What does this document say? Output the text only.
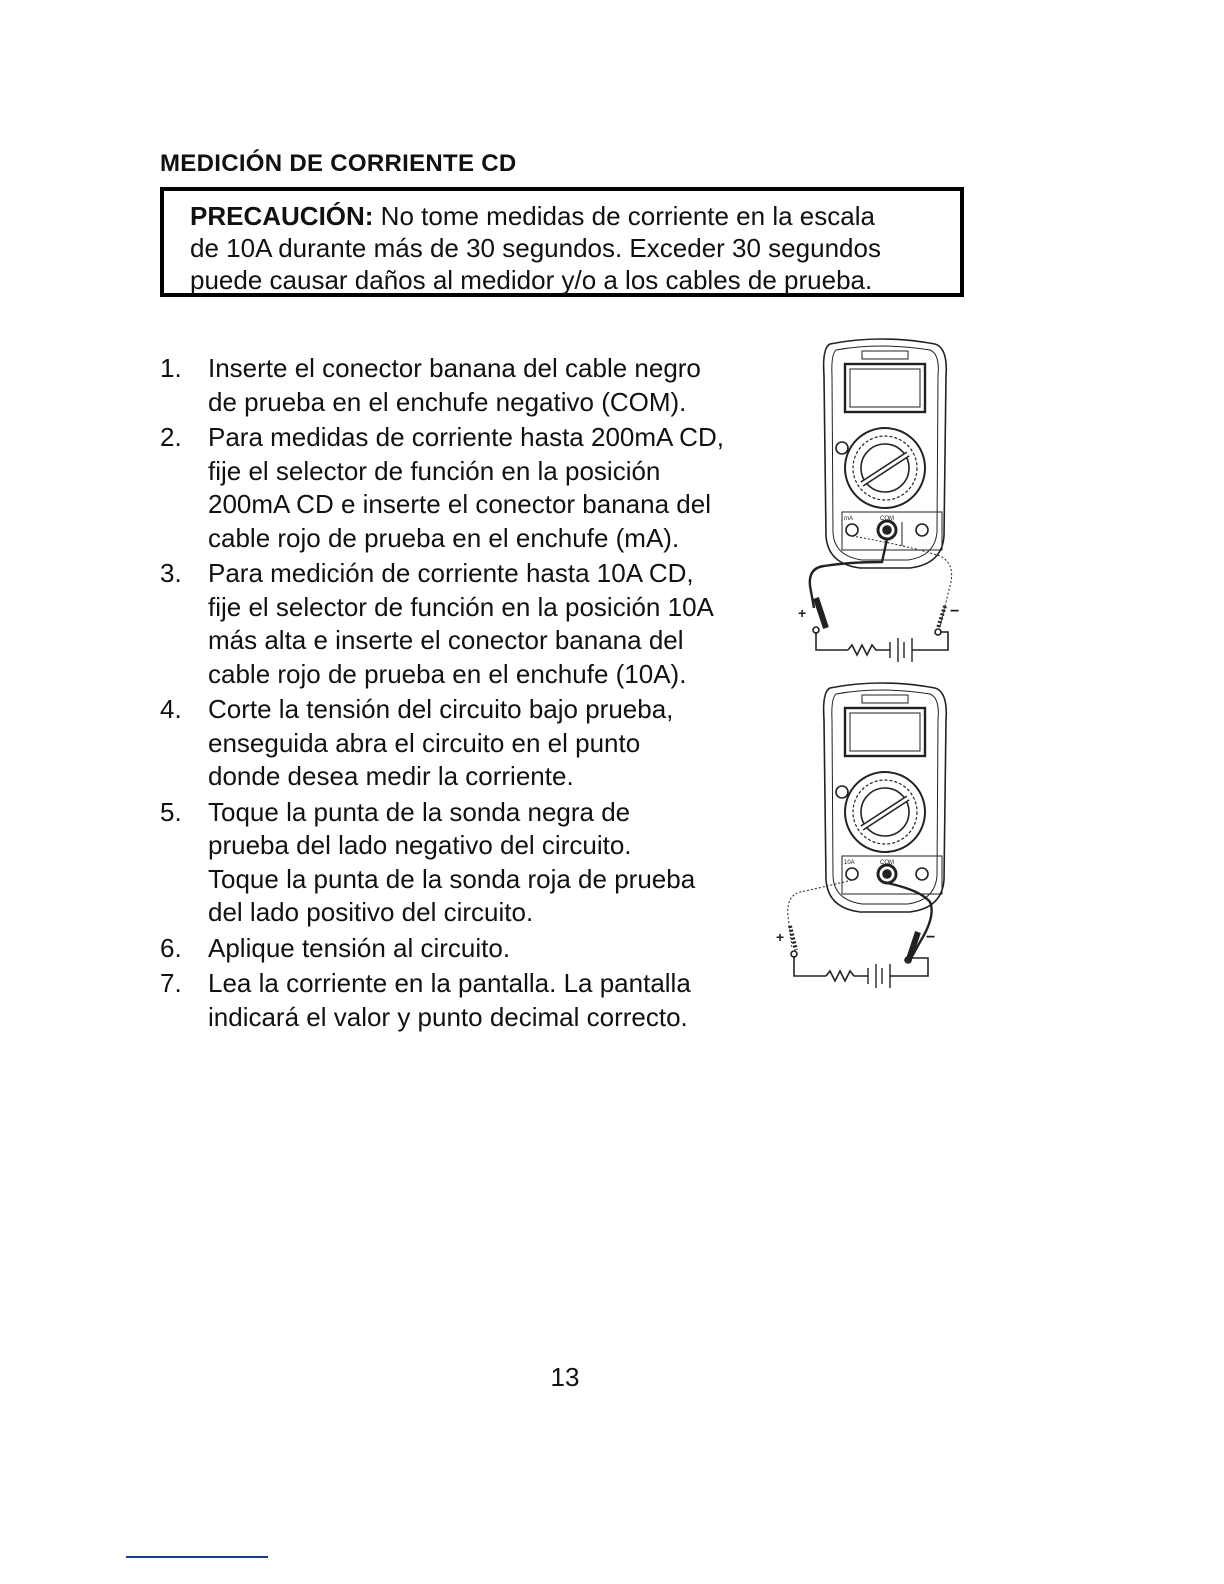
MEDICIÓN DE CORRIENTE CD

PRECAUCIÓN: No tome medidas de corriente en la escala

de 10A durante más de 30 segundos. Exceder 30 segundos

puede causar daños al medidor y/o a los cables de prueba.

1.	Inserte el conector banana del cable negro
de prueba en el enchufe negativo (COM).
2.	Para medidas de corriente hasta 200mA CD,
fije el selector de función en la posición
200mA CD e inserte el conector banana del
cable rojo de prueba en el enchufe (mA).
3.	Para medición de corriente hasta 10A CD,
fije el selector de función en la posición 10A
más alta e inserte el conector banana del
cable rojo de prueba en el enchufe (10A).
4.	Corte la tensión del circuito bajo prueba,
enseguida abra el circuito en el punto
donde desea medir la corriente.
5.	Toque la punta de la sonda negra de
prueba del lado negativo del circuito.
Toque la punta de la sonda roja de prueba
del lado positivo del circuito.
6.	Aplique tensión al circuito.
7.	Lea la corriente en la pantalla. La pantalla
indicará el valor y punto decimal correcto.
mA	COM
+	−
10A	COM
+	−
13
